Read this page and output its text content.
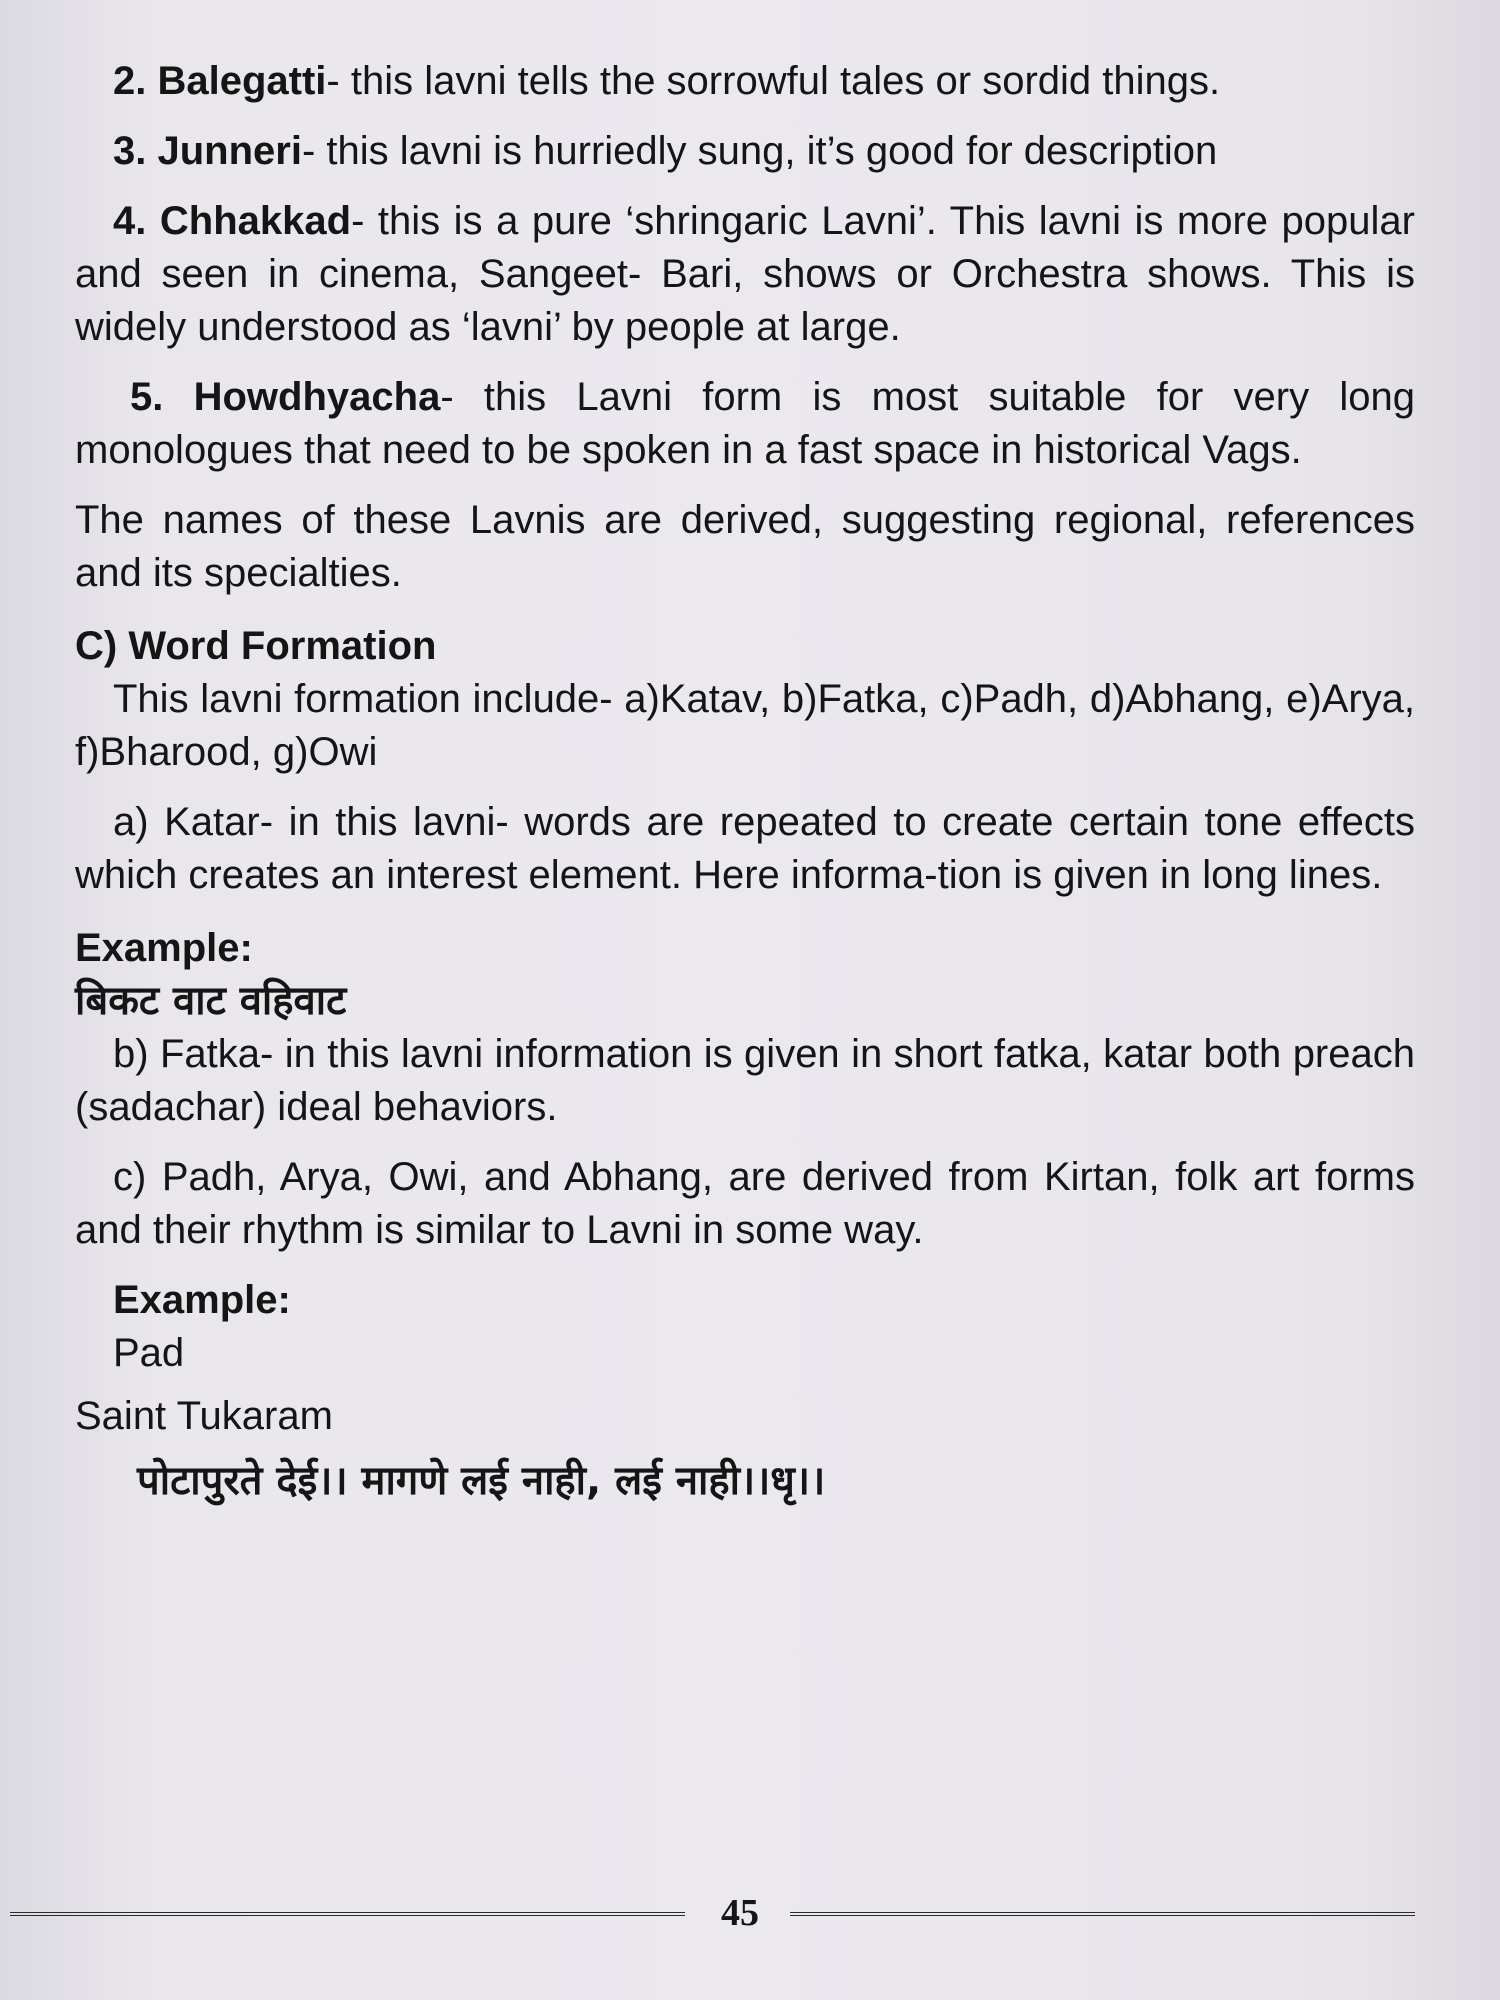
2. Balegatti- this lavni tells the sorrowful tales or sordid things.

3. Junneri- this lavni is hurriedly sung, it’s good for description

4. Chhakkad- this is a pure ‘shringaric Lavni’. This lavni is more popular and seen in cinema, Sangeet- Bari, shows or Orchestra shows. This is widely understood as ‘lavni’ by people at large.

5. Howdhyacha- this Lavni form is most suitable for very long monologues that need to be spoken in a fast space in historical Vags.

The names of these Lavnis are derived, suggesting regional, references and its specialties.

C) Word Formation

This lavni formation include- a)Katav, b)Fatka, c)Padh, d)Abhang, e)Arya, f)Bharood, g)Owi

a) Katar- in this lavni- words are repeated to create certain tone effects which creates an interest element. Here informa-tion is given in long lines.

Example:
बिकट वाट वहिवाट

b) Fatka- in this lavni information is given in short fatka, katar both preach (sadachar) ideal behaviors.

c) Padh, Arya, Owi, and Abhang, are derived from Kirtan, folk art forms and their rhythm is similar to Lavni in some way.

Example:
Pad
Saint Tukaram
पोटापुरते देई।। मागणे लई नाही, लई नाही।।धृ।।
45
